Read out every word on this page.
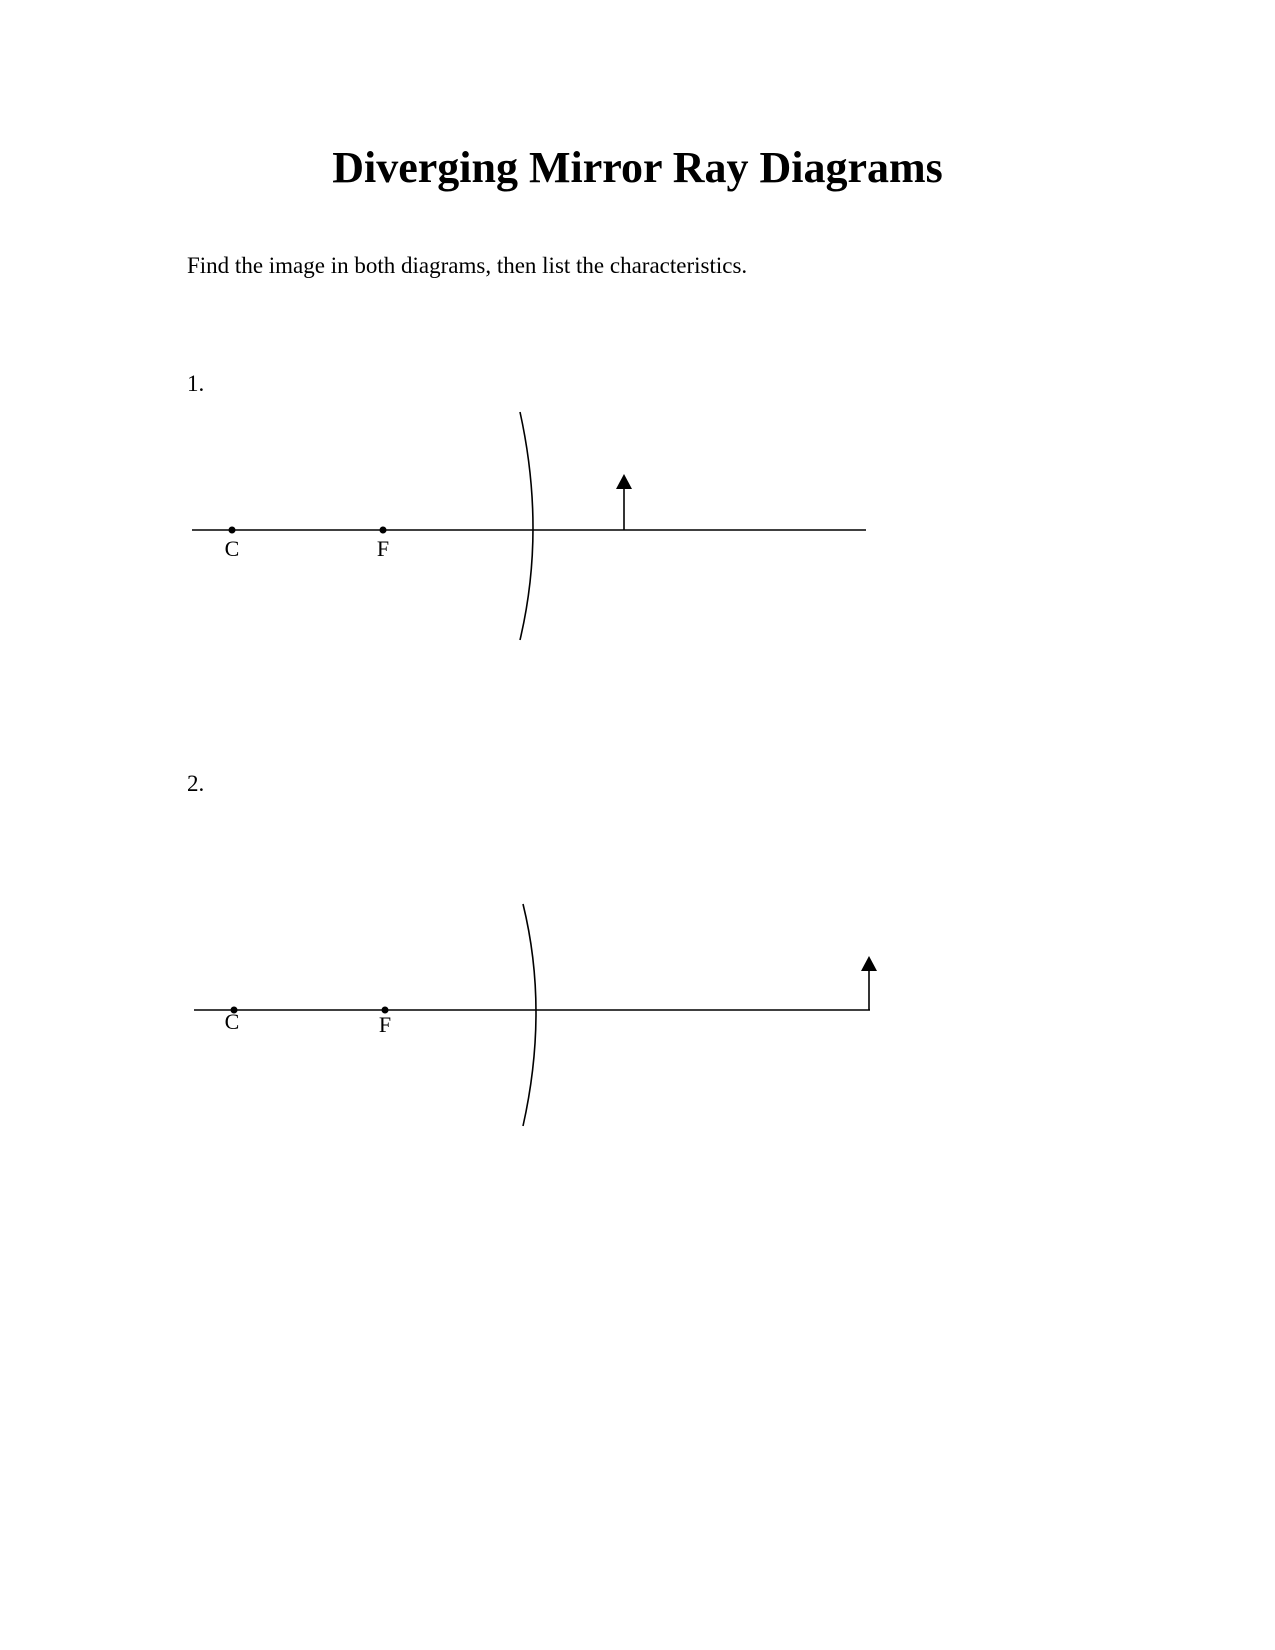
Diverging Mirror Ray Diagrams

Find the image in both diagrams, then list the characteristics.

1.
C	F
2.
C	F
